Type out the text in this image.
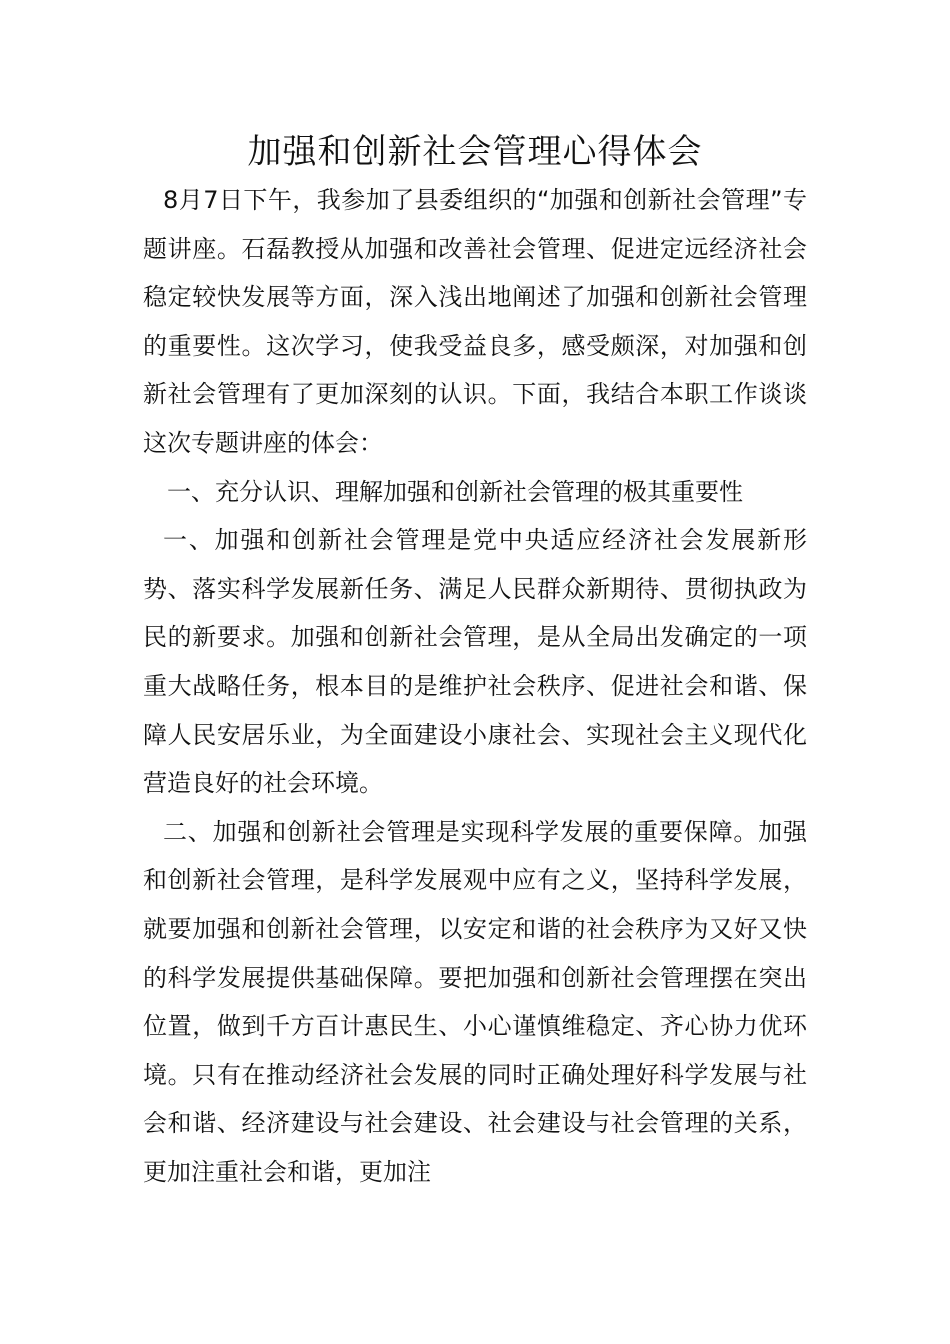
加强和创新社会管理心得体会

8月7日下午，我参加了县委组织的“加强和创新社会管理”专题讲座。石磊教授从加强和改善社会管理、促进定远经济社会稳定较快发展等方面，深入浅出地阐述了加强和创新社会管理的重要性。这次学习，使我受益良多，感受颇深，对加强和创新社会管理有了更加深刻的认识。下面，我结合本职工作谈谈这次专题讲座的体会：

一、充分认识、理解加强和创新社会管理的极其重要性

一、加强和创新社会管理是党中央适应经济社会发展新形势、落实科学发展新任务、满足人民群众新期待、贯彻执政为民的新要求。加强和创新社会管理，是从全局出发确定的一项重大战略任务，根本目的是维护社会秩序、促进社会和谐、保障人民安居乐业，为全面建设小康社会、实现社会主义现代化营造良好的社会环境。

二、加强和创新社会管理是实现科学发展的重要保障。加强和创新社会管理，是科学发展观中应有之义，坚持科学发展，就要加强和创新社会管理，以安定和谐的社会秩序为又好又快的科学发展提供基础保障。要把加强和创新社会管理摆在突出位置，做到千方百计惠民生、小心谨慎维稳定、齐心协力优环境。只有在推动经济社会发展的同时正确处理好科学发展与社会和谐、经济建设与社会建设、社会建设与社会管理的关系，更加注重社会和谐，更加注
